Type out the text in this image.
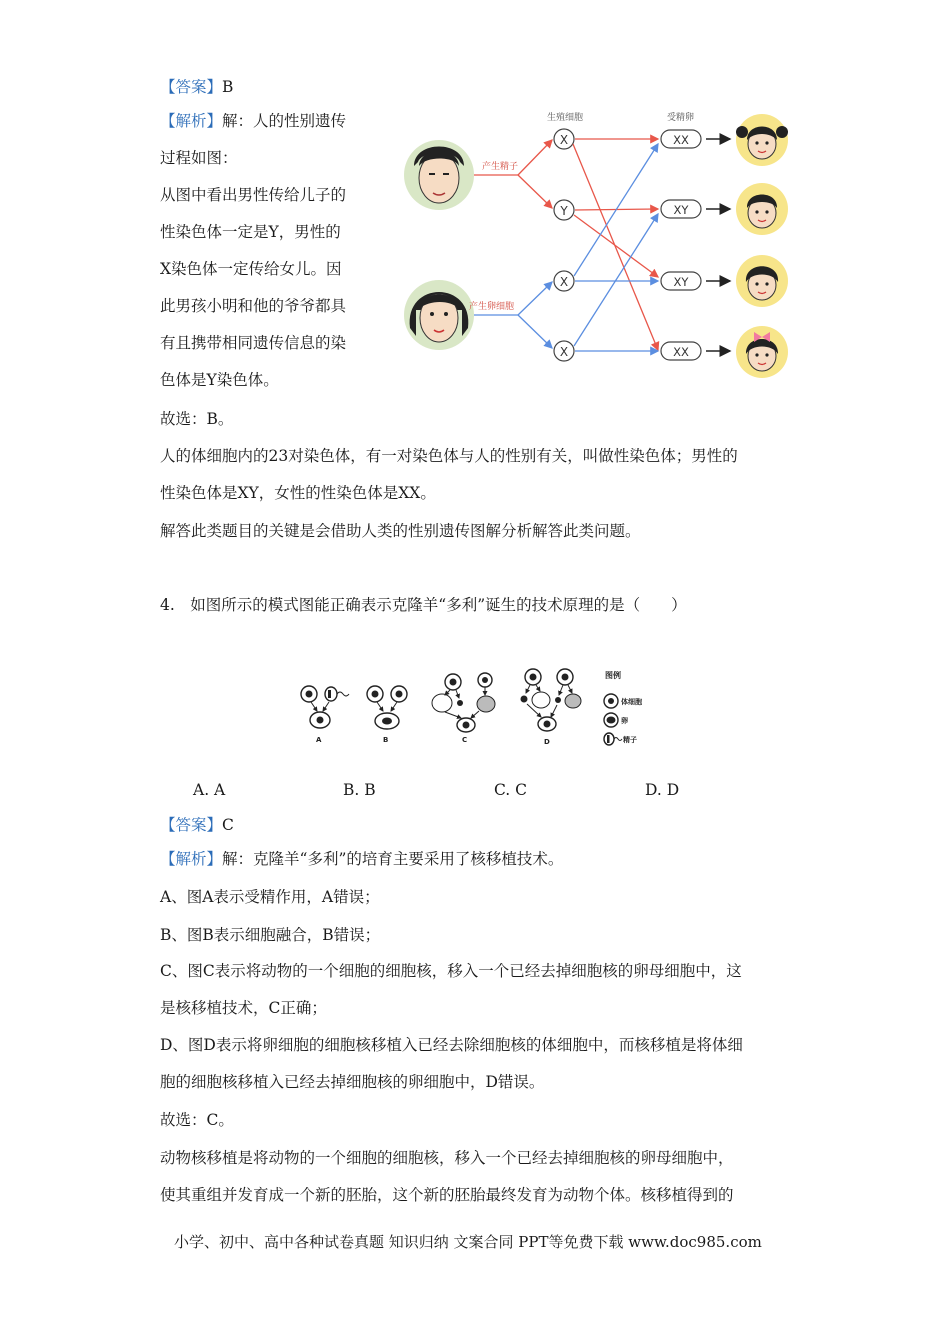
【答案】B
【解析】解：人的性别遗传
过程如图：
从图中看出男性传给儿子的
性染色体一定是Y，男性的
X染色体一定传给女儿。因
此男孩小明和他的爷爷都具
有且携带相同遗传信息的染
色体是Y染色体。
故选：B。
人的体细胞内的23对染色体，有一对染色体与人的性别有关，叫做性染色体；男性的
性染色体是XY，女性的性染色体是XX。
解答此类题目的关键是会借助人类的性别遗传图解分析解答此类问题。
生殖细胞	受精卵
产生精子
产生卵细胞
X
Y
X
X
XX
XY
XY
XX
4.　如图所示的模式图能正确表示克隆羊“多利”诞生的技术原理的是（　　）
A	B	C	D
图例
体细胞
卵
精子
A. A	B. B	C. C	D. D
【答案】C
【解析】解：克隆羊“多利”的培育主要采用了核移植技术。
A、图A表示受精作用，A错误；
B、图B表示细胞融合，B错误；
C、图C表示将动物的一个细胞的细胞核，移入一个已经去掉细胞核的卵母细胞中，这
是核移植技术，C正确；
D、图D表示将卵细胞的细胞核移植入已经去除细胞核的体细胞中，而核移植是将体细
胞的细胞核移植入已经去掉细胞核的卵细胞中，D错误。
故选：C。
动物核移植是将动物的一个细胞的细胞核，移入一个已经去掉细胞核的卵母细胞中，
使其重组并发育成一个新的胚胎，这个新的胚胎最终发育为动物个体。核移植得到的
小学、初中、高中各种试卷真题 知识归纳 文案合同 PPT等免费下载 www.doc985.com
